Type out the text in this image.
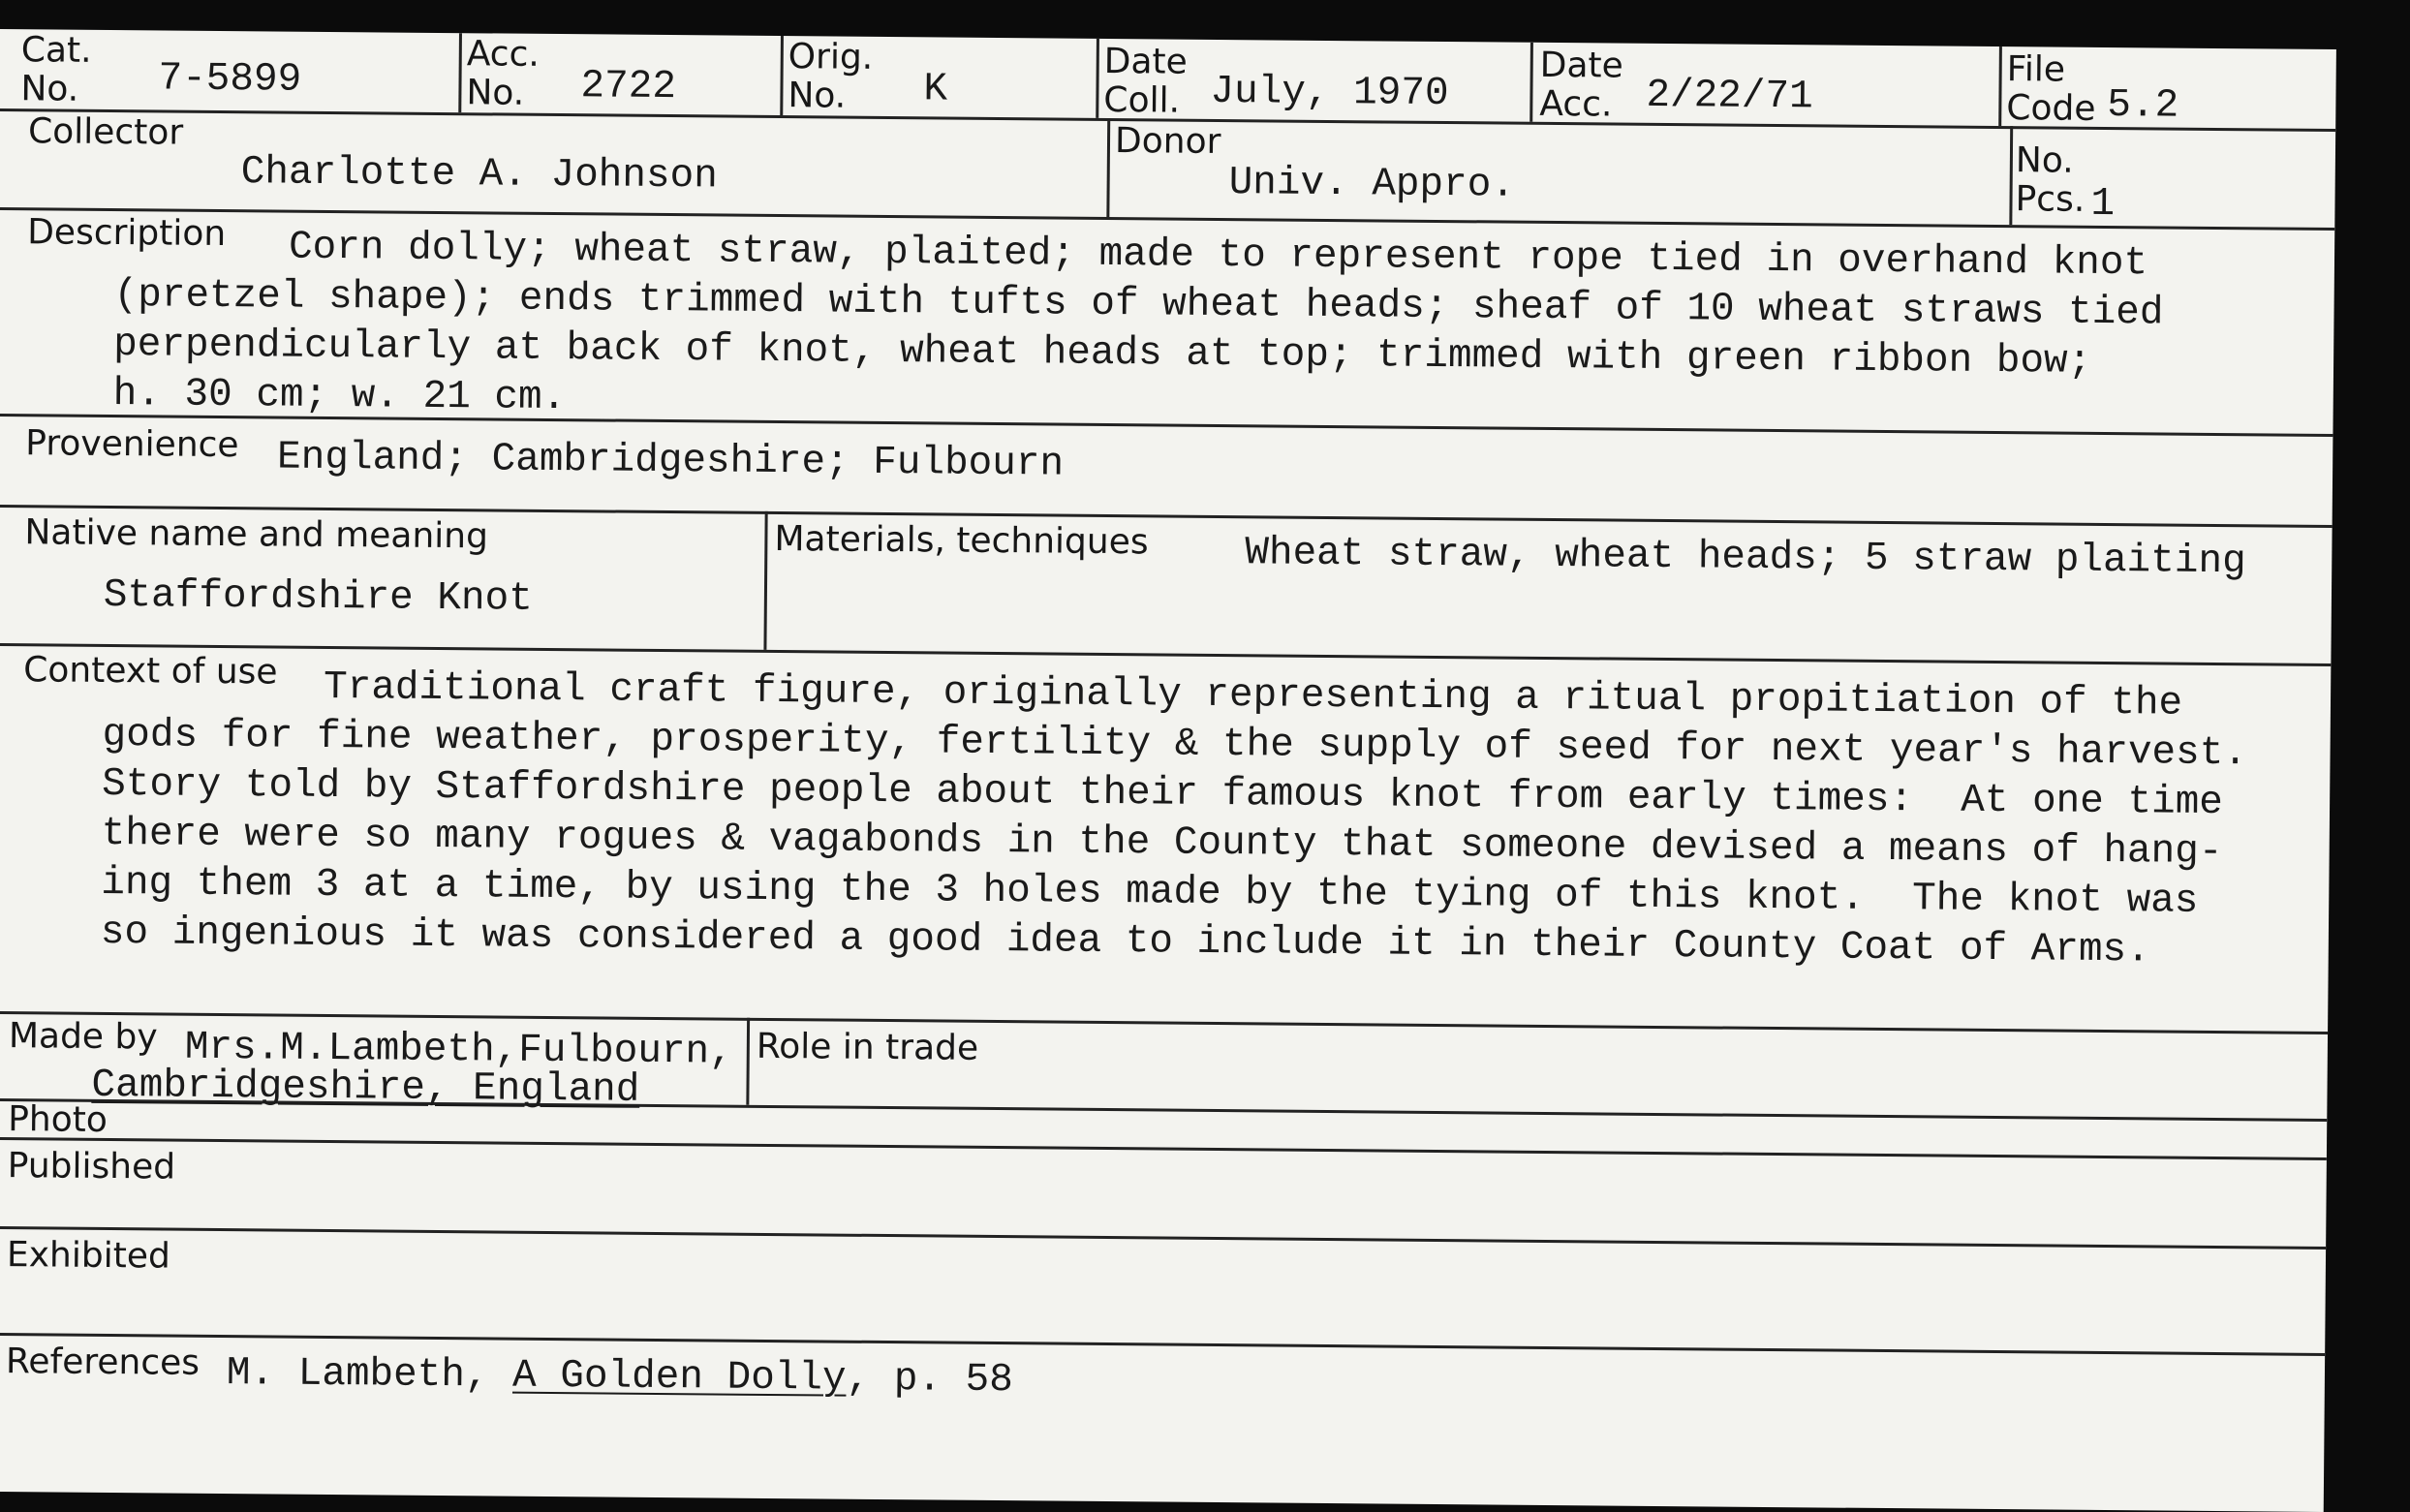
Cat.
No.	7-5899
Acc.
No.	2722
Orig.
No.	K
Date
Coll. July, 1970
Date
Acc. 2/22/71
File
Code 5.2
Collector
Charlotte A. Johnson
Donor
Univ. Appro.
No.
Pcs. 1
Description	Corn dolly; wheat straw, plaited; made to represent rope tied in overhand knot
(pretzel shape); ends trimmed with tufts of wheat heads; sheaf of 10 wheat straws tied
perpendicularly at back of knot, wheat heads at top; trimmed with green ribbon bow;
h. 30 cm; w. 21 cm.
Provenience England; Cambridgeshire; Fulbourn
Native name and meaning
Staffordshire Knot
Materials, techniques Wheat straw, wheat heads; 5 straw plaiting
Context of use	Traditional craft figure, originally representing a ritual propitiation of the
gods for fine weather, prosperity, fertility & the supply of seed for next year's harvest.
Story told by Staffordshire people about their famous knot from early times:  At one time
there were so many rogues & vagabonds in the County that someone devised a means of hang-
ing them 3 at a time, by using the 3 holes made by the tying of this knot.  The knot was
so ingenious it was considered a good idea to include it in their County Coat of Arms.
Made by Mrs.M.Lambeth,Fulbourn,
Cambridgeshire, England
Role in trade
Photo
Published
Exhibited
References M. Lambeth, A Golden Dolly, p. 58
